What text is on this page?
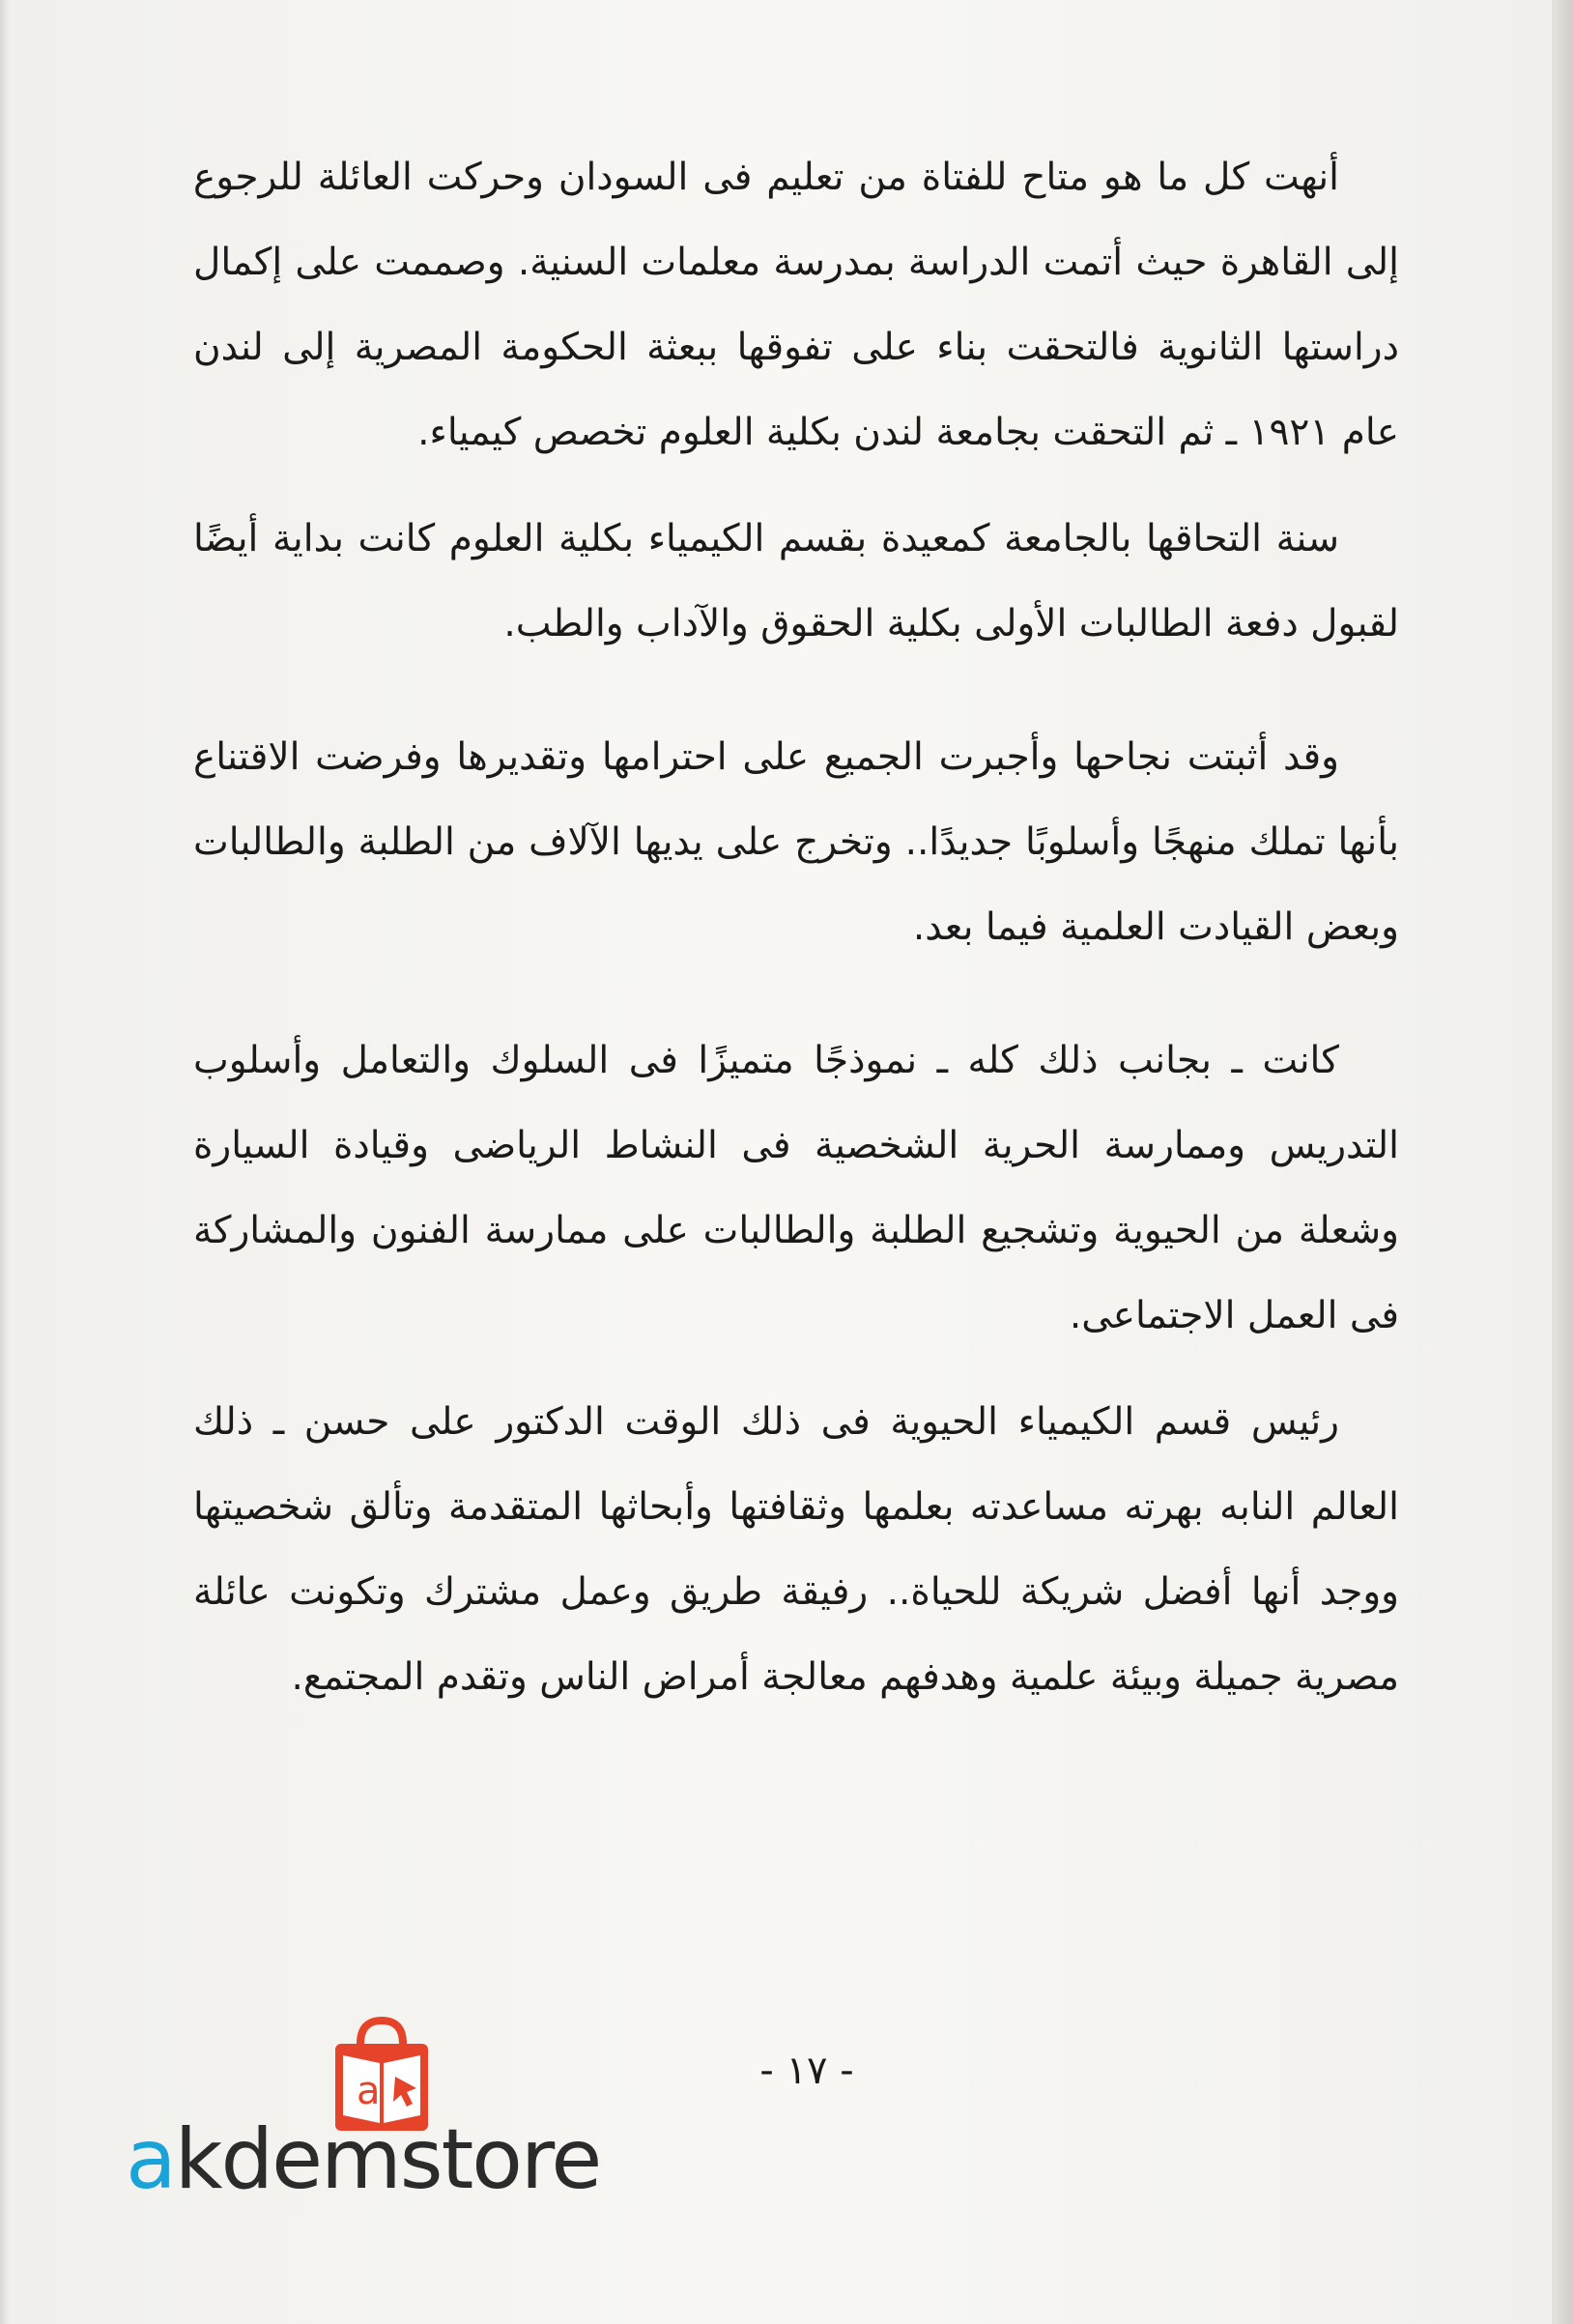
أنهت كل ما هو متاح للفتاة من تعليم فى السودان وحركت العائلة للرجوع إلى القاهرة حيث أتمت الدراسة بمدرسة معلمات السنية. وصممت على إكمال دراستها الثانوية فالتحقت بناء على تفوقها ببعثة الحكومة المصرية إلى لندن عام ١٩٢١ ـ ثم التحقت بجامعة لندن بكلية العلوم تخصص كيمياء.

سنة التحاقها بالجامعة كمعيدة بقسم الكيمياء بكلية العلوم كانت بداية أيضًا لقبول دفعة الطالبات الأولى بكلية الحقوق والآداب والطب.

وقد أثبتت نجاحها وأجبرت الجميع على احترامها وتقديرها وفرضت الاقتناع بأنها تملك منهجًا وأسلوبًا جديدًا.. وتخرج على يديها الآلاف من الطلبة والطالبات وبعض القيادت العلمية فيما بعد.

كانت ـ بجانب ذلك كله ـ نموذجًا متميزًا فى السلوك والتعامل وأسلوب التدريس وممارسة الحرية الشخصية فى النشاط الرياضى وقيادة السيارة وشعلة من الحيوية وتشجيع الطلبة والطالبات على ممارسة الفنون والمشاركة فى العمل الاجتماعى.

رئيس قسم الكيمياء الحيوية فى ذلك الوقت الدكتور على حسن ـ ذلك العالم النابه بهرته مساعدته بعلمها وثقافتها وأبحاثها المتقدمة وتألق شخصيتها ووجد أنها أفضل شريكة للحياة.. رفيقة طريق وعمل مشترك وتكونت عائلة مصرية جميلة وبيئة علمية وهدفهم معالجة أمراض الناس وتقدم المجتمع.

- ١٧ -
a
akdemstore
